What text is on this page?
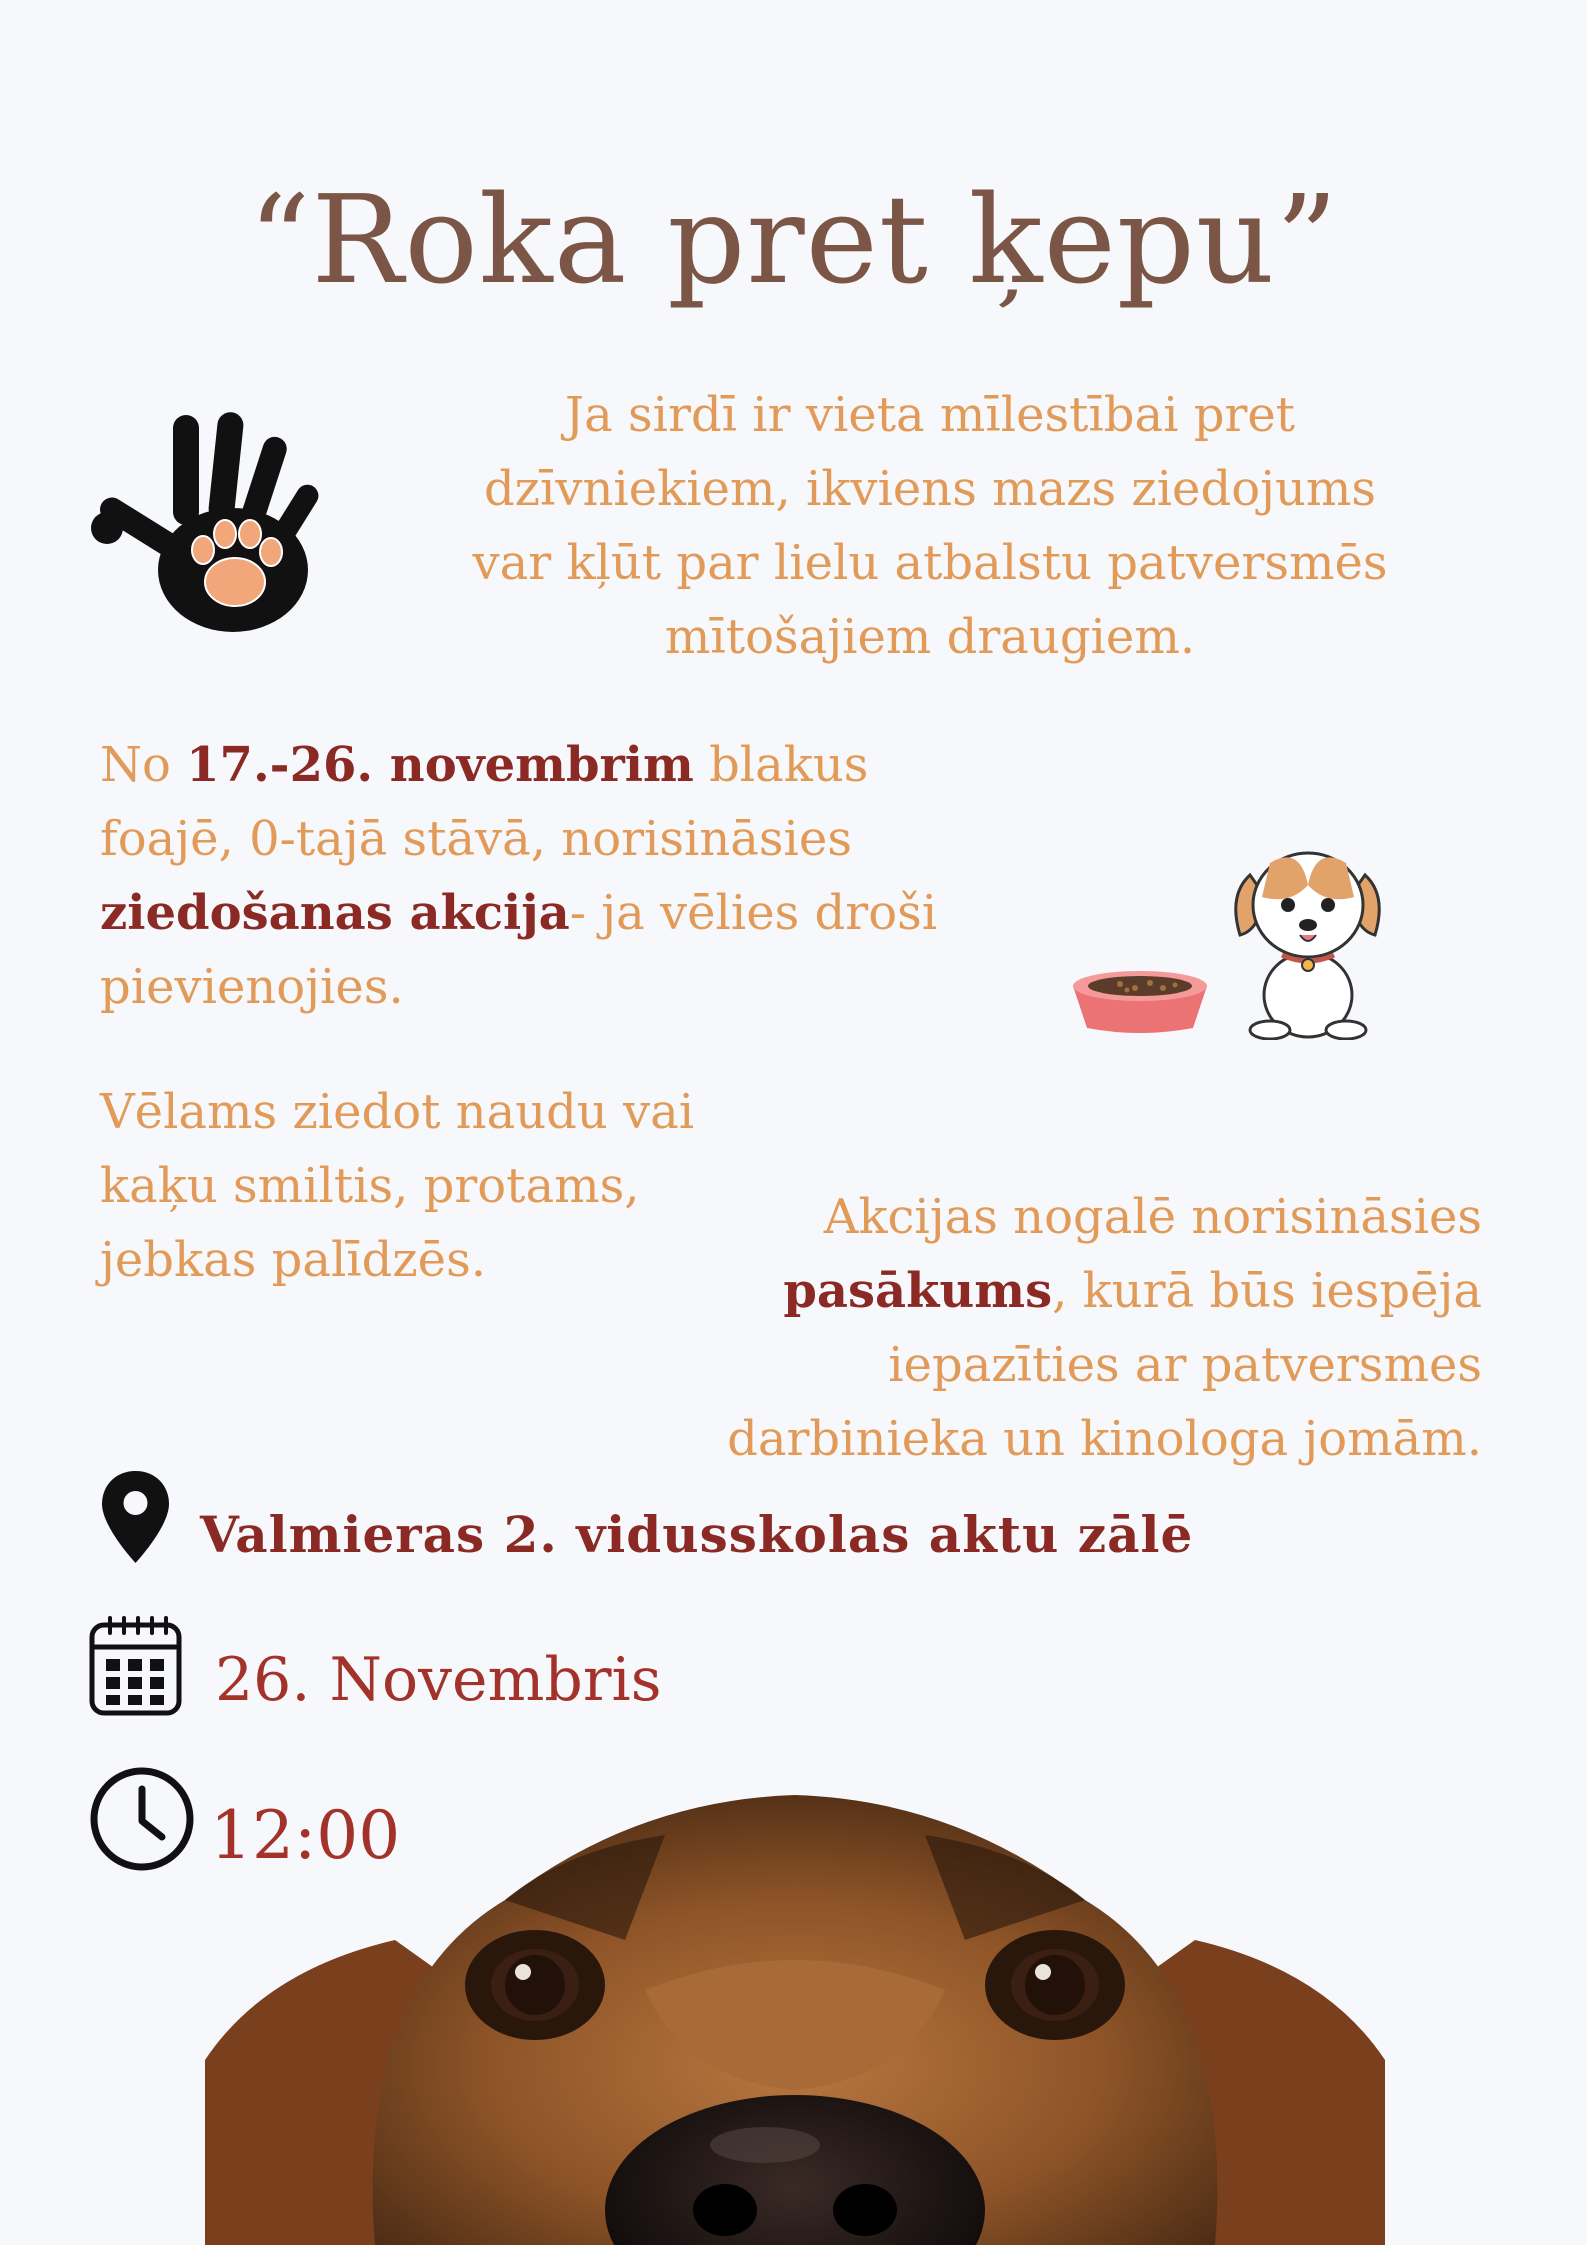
“Roka pret ķepu”
Ja sirdī ir vieta mīlestībai pret
dzīvniekiem, ikviens mazs ziedojums
var kļūt par lielu atbalstu patversmēs
mītošajiem draugiem.
No 17.-26. novembrim blakus
foajē, 0-tajā stāvā, norisināsies
ziedošanas akcija- ja vēlies droši
pievienojies.
Vēlams ziedot naudu vai
kaķu smiltis, protams,
jebkas palīdzēs.
Akcijas nogalē norisināsies
pasākums, kurā būs iespēja
iepazīties ar patversmes
darbinieka un kinologa jomām.
Valmieras 2. vidusskolas aktu zālē
26. Novembris
12:00
